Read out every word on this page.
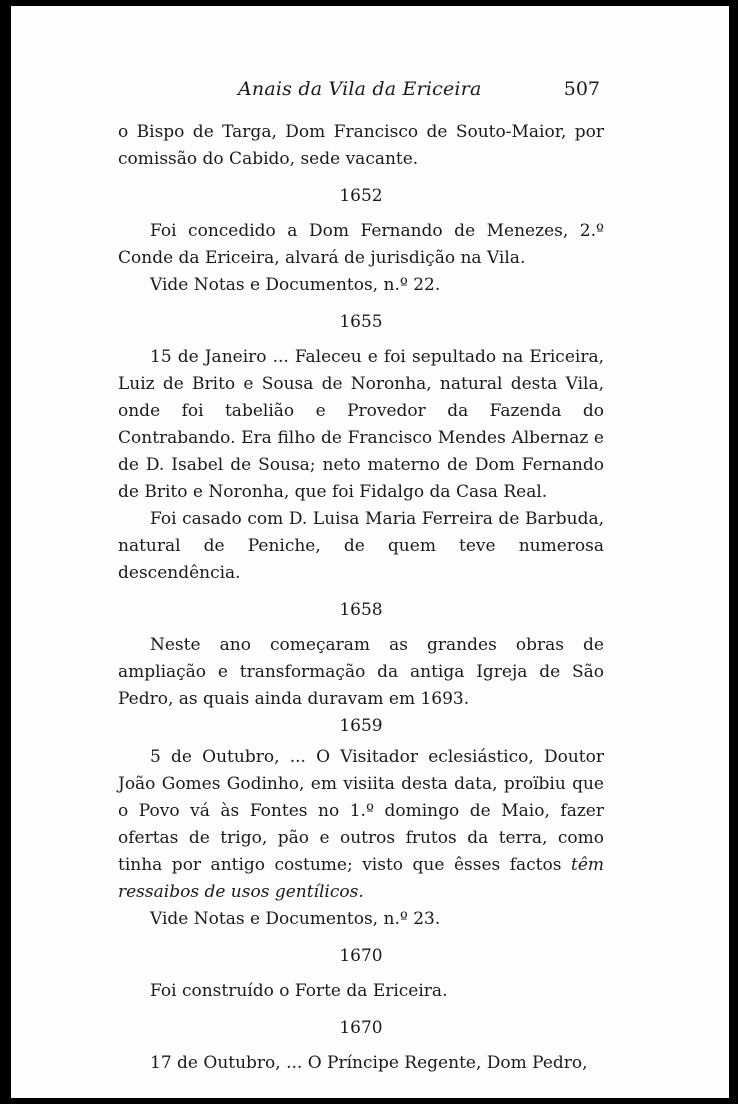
Anais da Vila da Ericeira	507

o Bispo de Targa, Dom Francisco de Souto-Maior, por comissão do Cabido, sede vacante.

1652

Foi concedido a Dom Fernando de Menezes, 2.º Conde da Ericeira, alvará de jurisdição na Vila.

Vide Notas e Documentos, n.º 22.

1655

15 de Janeiro ... Faleceu e foi sepultado na Ericeira, Luiz de Brito e Sousa de Noronha, natural desta Vila, onde foi tabelião e Provedor da Fazenda do Contrabando. Era filho de Francisco Mendes Albernaz e de D. Isabel de Sousa; neto materno de Dom Fernando de Brito e Noronha, que foi Fidalgo da Casa Real.

Foi casado com D. Luisa Maria Ferreira de Barbuda, natural de Peniche, de quem teve numerosa descendência.

1658

Neste ano começaram as grandes obras de ampliação e transformação da antiga Igreja de São Pedro, as quais ainda duravam em 1693.

1659

5 de Outubro, ... O Visitador eclesiástico, Doutor João Gomes Godinho, em visiita desta data, proïbiu que o Povo vá às Fontes no 1.º domingo de Maio, fazer ofertas de trigo, pão e outros frutos da terra, como tinha por antigo costume; visto que êsses factos têm ressaibos de usos gentílicos.

Vide Notas e Documentos, n.º 23.

1670

Foi construído o Forte da Ericeira.

1670

17 de Outubro, ... O Príncipe Regente, Dom Pedro,
